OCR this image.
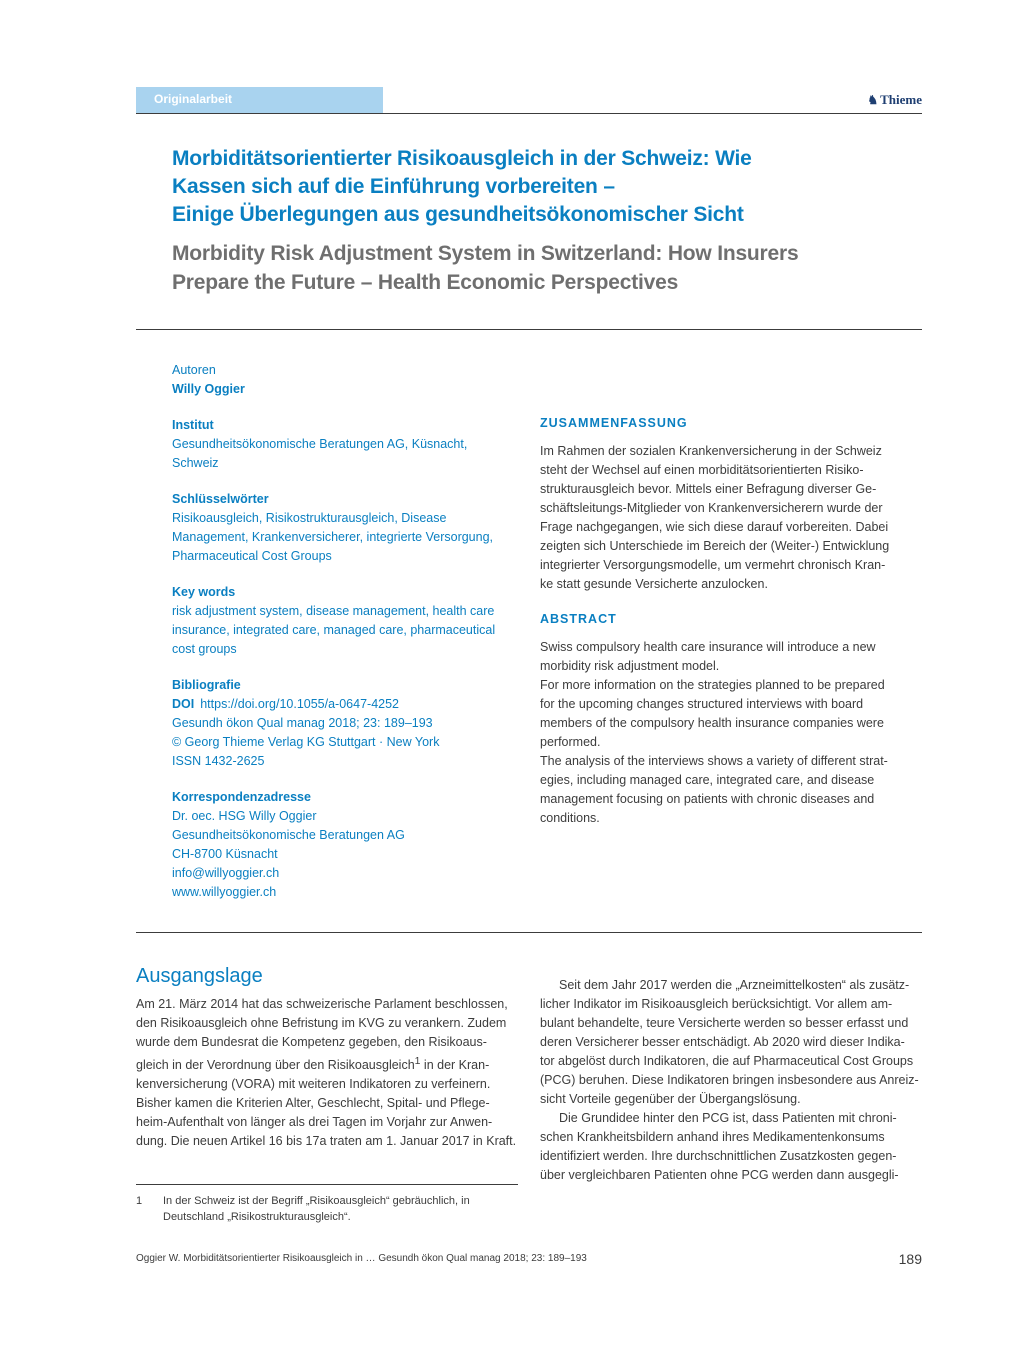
Originalarbeit	♞ Thieme
Morbiditätsorientierter Risikoausgleich in der Schweiz: Wie
Kassen sich auf die Einführung vorbereiten –
Einige Überlegungen aus gesundheitsökonomischer Sicht
Morbidity Risk Adjustment System in Switzerland: How Insurers
Prepare the Future – Health Economic Perspectives
Autoren
Willy Oggier
Institut
Gesundheitsökonomische Beratungen AG, Küsnacht,
Schweiz
Schlüsselwörter
Risikoausgleich, Risikostrukturausgleich, Disease
Management, Krankenversicherer, integrierte Versorgung,
Pharmaceutical Cost Groups
Key words
risk adjustment system, disease management, health care
insurance, integrated care, managed care, pharmaceutical
cost groups
Bibliografie
DOI https://doi.org/10.1055/a-0647-4252
Gesundh ökon Qual manag 2018; 23: 189–193
© Georg Thieme Verlag KG Stuttgart · New York
ISSN 1432-2625
Korrespondenzadresse
Dr. oec. HSG Willy Oggier
Gesundheitsökonomische Beratungen AG
CH-8700 Küsnacht
info@willyoggier.ch
www.willyoggier.ch
ZUSAMMENFASSUNG
Im Rahmen der sozialen Krankenversicherung in der Schweiz
steht der Wechsel auf einen morbiditätsorientierten Risiko-
strukturausgleich bevor. Mittels einer Befragung diverser Ge-
schäftsleitungs-Mitglieder von Krankenversicherern wurde der
Frage nachgegangen, wie sich diese darauf vorbereiten. Dabei
zeigten sich Unterschiede im Bereich der (Weiter-) Entwicklung
integrierter Versorgungsmodelle, um vermehrt chronisch Kran-
ke statt gesunde Versicherte anzulocken.
ABSTRACT
Swiss compulsory health care insurance will introduce a new
morbidity risk adjustment model.
For more information on the strategies planned to be prepared
for the upcoming changes structured interviews with board
members of the compulsory health insurance companies were
performed.
The analysis of the interviews shows a variety of different strat-
egies, including managed care, integrated care, and disease
management focusing on patients with chronic diseases and
conditions.
Ausgangslage
Am 21. März 2014 hat das schweizerische Parlament beschlossen,
den Risikoausgleich ohne Befristung im KVG zu verankern. Zudem
wurde dem Bundesrat die Kompetenz gegeben, den Risikoaus-
gleich in der Verordnung über den Risikoausgleich$^1$ in der Kran-
kenversicherung (VORA) mit weiteren Indikatoren zu verfeinern.
Bisher kamen die Kriterien Alter, Geschlecht, Spital- und Pflege-
heim-Aufenthalt von länger als drei Tagen im Vorjahr zur Anwen-
dung. Die neuen Artikel 16 bis 17a traten am 1. Januar 2017 in Kraft.
Seit dem Jahr 2017 werden die „Arzneimittelkosten“ als zusätz-
licher Indikator im Risikoausgleich berücksichtigt. Vor allem am-
bulant behandelte, teure Versicherte werden so besser erfasst und
deren Versicherer besser entschädigt. Ab 2020 wird dieser Indika-
tor abgelöst durch Indikatoren, die auf Pharmaceutical Cost Groups
(PCG) beruhen. Diese Indikatoren bringen insbesondere aus Anreiz-
sicht Vorteile gegenüber der Übergangslösung.
Die Grundidee hinter den PCG ist, dass Patienten mit chroni-
schen Krankheitsbildern anhand ihres Medikamentenkonsums
identifiziert werden. Ihre durchschnittlichen Zusatzkosten gegen-
über vergleichbaren Patienten ohne PCG werden dann ausgegli-
1 In der Schweiz ist der Begriff „Risikoausgleich“ gebräuchlich, in
Deutschland „Risikostrukturausgleich“.
Oggier W. Morbiditätsorientierter Risikoausgleich in … Gesundh ökon Qual manag 2018; 23: 189–193	189
